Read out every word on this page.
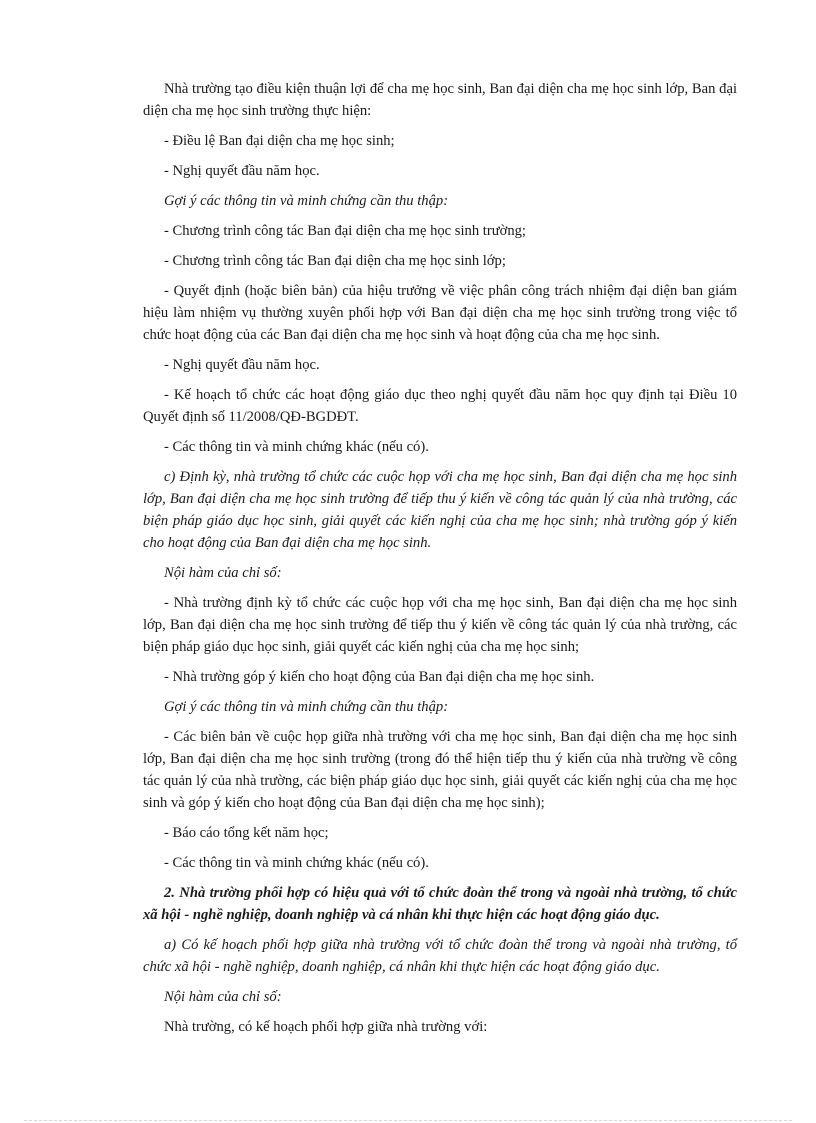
Nhà trường tạo điều kiện thuận lợi để cha mẹ học sinh, Ban đại diện cha mẹ học sinh lớp, Ban đại diện cha mẹ học sinh trường thực hiện:

- Điều lệ Ban đại diện cha mẹ học sinh;

- Nghị quyết đầu năm học.

Gợi ý các thông tin và minh chứng cần thu thập:

- Chương trình công tác Ban đại diện cha mẹ học sinh trường;

- Chương trình công tác Ban đại diện cha mẹ học sinh lớp;

- Quyết định (hoặc biên bản) của hiệu trưởng về việc phân công trách nhiệm đại diện ban giám hiệu làm nhiệm vụ thường xuyên phối hợp với Ban đại diện cha mẹ học sinh trường trong việc tổ chức hoạt động của các Ban đại diện cha mẹ học sinh và hoạt động của cha mẹ học sinh.

- Nghị quyết đầu năm học.

- Kế hoạch tổ chức các hoạt động giáo dục theo nghị quyết đầu năm học quy định tại Điều 10 Quyết định số 11/2008/QĐ-BGDĐT.

- Các thông tin và minh chứng khác (nếu có).

c) Định kỳ, nhà trường tổ chức các cuộc họp với cha mẹ học sinh, Ban đại diện cha mẹ học sinh lớp, Ban đại diện cha mẹ học sinh trường để tiếp thu ý kiến về công tác quản lý của nhà trường, các biện pháp giáo dục học sinh, giải quyết các kiến nghị của cha mẹ học sinh; nhà trường góp ý kiến cho hoạt động của Ban đại diện cha mẹ học sinh.

Nội hàm của chỉ số:

- Nhà trường định kỳ tổ chức các cuộc họp với cha mẹ học sinh, Ban đại diện cha mẹ học sinh lớp, Ban đại diện cha mẹ học sinh trường để tiếp thu ý kiến về công tác quản lý của nhà trường, các biện pháp giáo dục học sinh, giải quyết các kiến nghị của cha mẹ học sinh;

- Nhà trường góp ý kiến cho hoạt động của Ban đại diện cha mẹ học sinh.

Gợi ý các thông tin và minh chứng cần thu thập:

- Các biên bản về cuộc họp giữa nhà trường với cha mẹ học sinh, Ban đại diện cha mẹ học sinh lớp, Ban đại diện cha mẹ học sinh trường (trong đó thể hiện tiếp thu ý kiến của nhà trường về công tác quản lý của nhà trường, các biện pháp giáo dục học sinh, giải quyết các kiến nghị của cha mẹ học sinh và góp ý kiến cho hoạt động của Ban đại diện cha mẹ học sinh);

- Báo cáo tổng kết năm học;

- Các thông tin và minh chứng khác (nếu có).

2. Nhà trường phối hợp có hiệu quả với tổ chức đoàn thể trong và ngoài nhà trường, tổ chức xã hội - nghề nghiệp, doanh nghiệp và cá nhân khi thực hiện các hoạt động giáo dục.

a) Có kế hoạch phối hợp giữa nhà trường với tổ chức đoàn thể trong và ngoài nhà trường, tổ chức xã hội - nghề nghiệp, doanh nghiệp, cá nhân khi thực hiện các hoạt động giáo dục.

Nội hàm của chỉ số:

Nhà trường, có kế hoạch phối hợp giữa nhà trường với:
